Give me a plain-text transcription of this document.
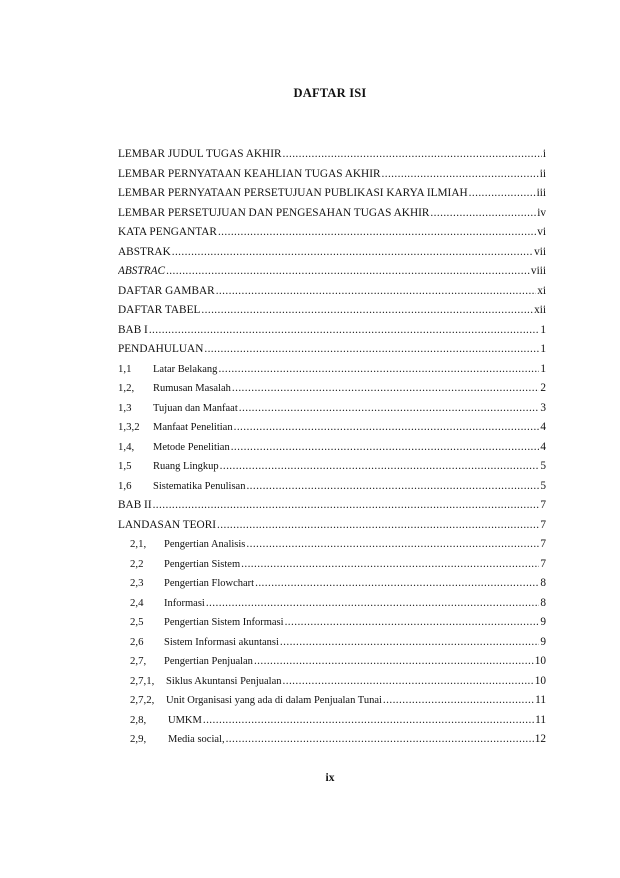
DAFTAR ISI
LEMBAR JUDUL TUGAS AKHIR .....	i
LEMBAR PERNYATAAN KEAHLIAN TUGAS AKHIR .....	ii
LEMBAR PERNYATAAN PERSETUJUAN PUBLIKASI KARYA ILMIAH .....	iii
LEMBAR PERSETUJUAN DAN PENGESAHAN TUGAS AKHIR .....	iv
KATA PENGANTAR .....	vi
ABSTRAK .....	vii
ABSTRAC .....	viii
DAFTAR GAMBAR .....	xi
DAFTAR TABEL .....	xii
BAB I .....	1
PENDAHULUAN .....	1
1,1	Latar Belakang .....	1
1,2,	Rumusan Masalah .....	2
1,3	Tujuan dan Manfaat .....	3
1,3,2	Manfaat Penelitian .....	4
1,4,	Metode Penelitian .....	4
1,5	Ruang Lingkup .....	5
1,6	Sistematika Penulisan .....	5
BAB II .....	7
LANDASAN TEORI .....	7
2,1,	Pengertian Analisis .....	7
2,2	Pengertian Sistem .....	7
2,3	Pengertian Flowchart .....	8
2,4	Informasi .....	8
2,5	Pengertian Sistem Informasi .....	9
2,6	Sistem Informasi akuntansi .....	9
2,7,	Pengertian Penjualan .....	10
2,7,1,	Siklus Akuntansi Penjualan .....	10
2,7,2,	Unit Organisasi yang ada di dalam Penjualan Tunai .....	11
2,8,	UMKM .....	11
2,9,	Media social, .....	12
ix
